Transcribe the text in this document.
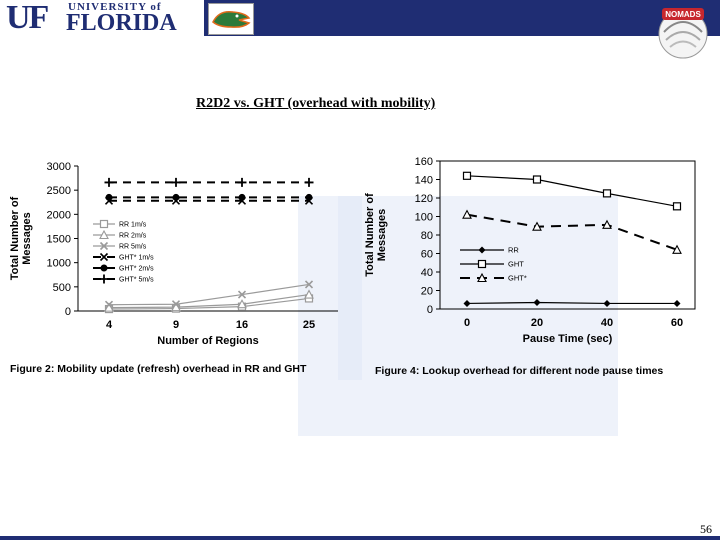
UF UNIVERSITY of
FLORIDA	NOMADS
R2D2 vs. GHT (overhead with mobility)
0
500
1000
1500
2000
2500
3000
4	9	16	25
Number of Regions
Total Number of Messages	RR 1m/s
RR 2m/s
RR 5m/s
GHT* 1m/s
GHT* 2m/s
GHT* 5m/s
Figure 2: Mobility update (refresh) overhead in RR and GHT
0
20
40
60
80
100
120
140
160
0	20	40	60
Pause Time (sec)
Total Number of Messages	RR
GHT
GHT*
Figure 4: Lookup overhead for different node pause times
56
